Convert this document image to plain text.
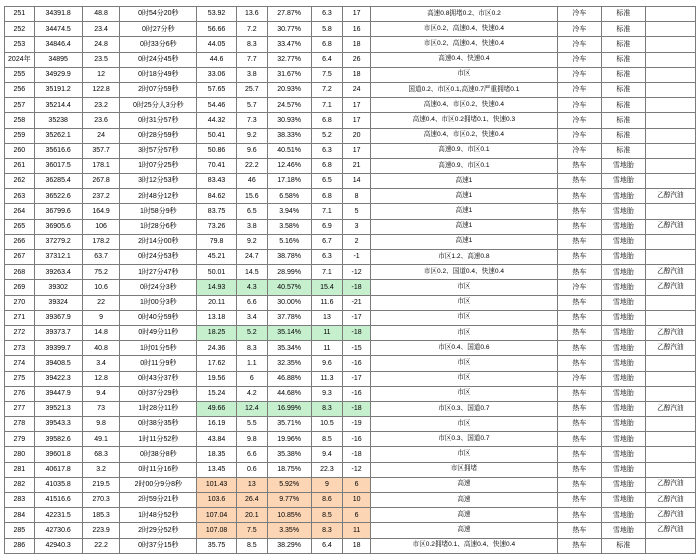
251	34391.8	48.8	0时54分20秒	53.92	13.6	27.87%	6.3	17	高速0.8拥堵0.2、市区0.2	冷车	标准	
252	34474.5	23.4	0时27分秒	56.66	7.2	30.77%	5.8	16	市区0.2、高速0.4、快速0.4	冷车	标准	
253	34846.4	24.8	0时33分6秒	44.05	8.3	33.47%	6.8	18	市区0.2、高速0.4、快速0.4	冷车	标准	
2024年	34895	23.5	0时24分45秒	44.6	7.7	32.77%	6.4	26	高速0.4、快速0.4	冷车	标准	
255	34929.9	12	0时18分49秒	33.06	3.8	31.67%	7.5	18	市区	冷车	标准	
256	35191.2	122.8	2时07分59秒	57.65	25.7	20.93%	7.2	24	国道0.2、市区0.1,高速0.7严重拥堵0.1	冷车	标准	
257	35214.4	23.2	0时25分人3分秒	54.46	5.7	24.57%	7.1	17	高速0.4、市区0.2、快速0.4	冷车	标准	
258	35238	23.6	0时31分57秒	44.32	7.3	30.93%	6.8	17	高速0.4、市区0.2拥堵0.1、快速0.3	冷车	标准	
259	35262.1	24	0时28分59秒	50.41	9.2	38.33%	5.2	20	高速0.4、市区0.2、快速0.4	冷车	标准	
260	35616.6	357.7	3时57分57秒	50.86	9.6	40.51%	6.3	17	高速0.9、市区0.1	冷车	标准	
261	36017.5	178.1	1时07分25秒	70.41	22.2	12.46%	6.8	21	高速0.9、市区0.1	热车	雪地胎	
262	36285.4	267.8	3时12分53秒	83.43	46	17.18%	6.5	14	高速1	热车	雪地胎	
263	36522.6	237.2	2时48分12秒	84.62	15.6	6.58%	6.8	8	高速1	热车	雪地胎	乙醇汽油
264	36799.6	164.9	1时58分9秒	83.75	6.5	3.94%	7.1	5	高速1	热车	雪地胎	
265	36905.6	106	1时28分6秒	73.26	3.8	3.58%	6.9	3	高速1	热车	雪地胎	乙醇汽油
266	37279.2	178.2	2时14分00秒	79.8	9.2	5.16%	6.7	2	高速1	热车	雪地胎	
267	37312.1	63.7	0时24分53秒	45.21	24.7	38.78%	6.3	-1	市区1.2、高速0.8	热车	雪地胎	
268	39263.4	75.2	1时27分47秒	50.01	14.5	28.99%	7.1	-12	市区0.2、国道0.4、快速0.4	热车	雪地胎	乙醇汽油
269	39302	10.6	0时24分3秒	14.93	4.3	40.57%	15.4	-18	市区	冷车	雪地胎	乙醇汽油
270	39324	22	1时00分3秒	20.11	6.6	30.00%	11.6	-21	市区	热车	雪地胎	
271	39367.9	9	0时40分59秒	13.18	3.4	37.78%	13	-17	市区	热车	雪地胎	
272	39373.7	14.8	0时49分11秒	18.25	5.2	35.14%	11	-18	市区	热车	雪地胎	乙醇汽油
273	39399.7	40.8	1时01分5秒	24.36	8.3	35.34%	11	-15	市区0.4、国道0.6	热车	雪地胎	乙醇汽油
274	39408.5	3.4	0时11分9秒	17.62	1.1	32.35%	9.6	-16	市区	热车	雪地胎	
275	39422.3	12.8	0时43分37秒	19.56	6	46.88%	11.3	-17	市区	冷车	雪地胎	
276	39447.9	9.4	0时37分29秒	15.24	4.2	44.68%	9.3	-16	市区	热车	雪地胎	
277	39521.3	73	1时28分11秒	49.66	12.4	16.99%	8.3	-18	市区0.3、国道0.7	热车	雪地胎	乙醇汽油
278	39543.3	9.8	0时38分35秒	16.19	5.5	35.71%	10.5	-19	市区	热车	雪地胎	
279	39582.6	49.1	1时11分52秒	43.84	9.8	19.96%	8.5	-16	市区0.3、国道0.7	热车	雪地胎	
280	39601.8	68.3	0时38分8秒	18.35	6.6	35.38%	9.4	-18	市区	热车	雪地胎	
281	40617.8	3.2	0时11分16秒	13.45	0.6	18.75%	22.3	-12	市区拥堵	热车	雪地胎	
282	41035.8	219.5	2时00分9分8秒	101.43	13	5.92%	9	6	高速	热车	雪地胎	乙醇汽油
283	41516.6	270.3	2时59分21秒	103.6	26.4	9.77%	8.6	10	高速	热车	雪地胎	乙醇汽油
284	42231.5	185.3	1时48分52秒	107.04	20.1	10.85%	8.5	6	高速	热车	雪地胎	乙醇汽油
285	42730.6	223.9	2时29分52秒	107.08	7.5	3.35%	8.3	11	高速	热车	雪地胎	乙醇汽油
286	42940.3	22.2	0时37分15秒	35.75	8.5	38.29%	6.4	18	市区0.2拥堵0.1、高速0.4、快速0.4	热车	标准	
